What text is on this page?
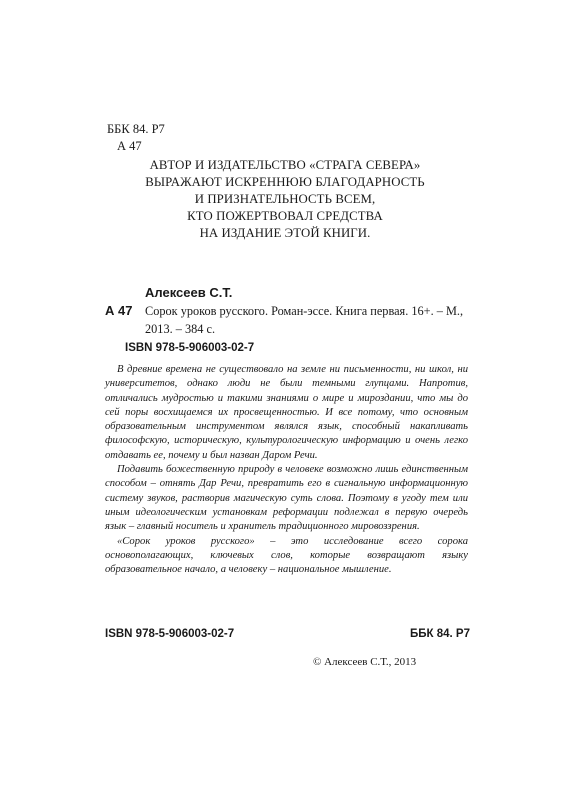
ББК 84. Р7
А 47
АВТОР И ИЗДАТЕЛЬСТВО «СТРАГА СЕВЕРА»
ВЫРАЖАЮТ ИСКРЕННЮЮ БЛАГОДАРНОСТЬ
И ПРИЗНАТЕЛЬНОСТЬ ВСЕМ,
КТО ПОЖЕРТВОВАЛ СРЕДСТВА
НА ИЗДАНИЕ ЭТОЙ КНИГИ.
Алексеев С.Т.
А 47 Сорок уроков русского. Роман-эссе. Книга первая. 16+. – М., 2013. – 384 с.
ISBN 978-5-906003-02-7

В древние времена не существовало на земле ни письменности, ни школ, ни университетов, однако люди не были темными глупцами. Напротив, отличались мудростью и такими знаниями о мире и мироздании, что мы до сей поры восхищаемся их просвещенностью. И все потому, что основным образовательным инструментом являлся язык, способный накапливать философскую, историческую, культурологическую информацию и очень легко отдавать ее, почему и был назван Даром Речи.

Подавить божественную природу в человеке возможно лишь единственным способом – отнять Дар Речи, превратить его в сигнальную информационную систему звуков, растворив магическую суть слова. Поэтому в угоду тем или иным идеологическим установкам реформации подлежал в первую очередь язык – главный носитель и хранитель традиционного мировоззрения.

«Сорок уроков русского» – это исследование всего сорока основополагающих, ключевых слов, которые возвращают языку образовательное начало, а человеку – национальное мышление.

ISBN 978-5-906003-02-7	ББК 84. Р7
© Алексеев С.Т., 2013
